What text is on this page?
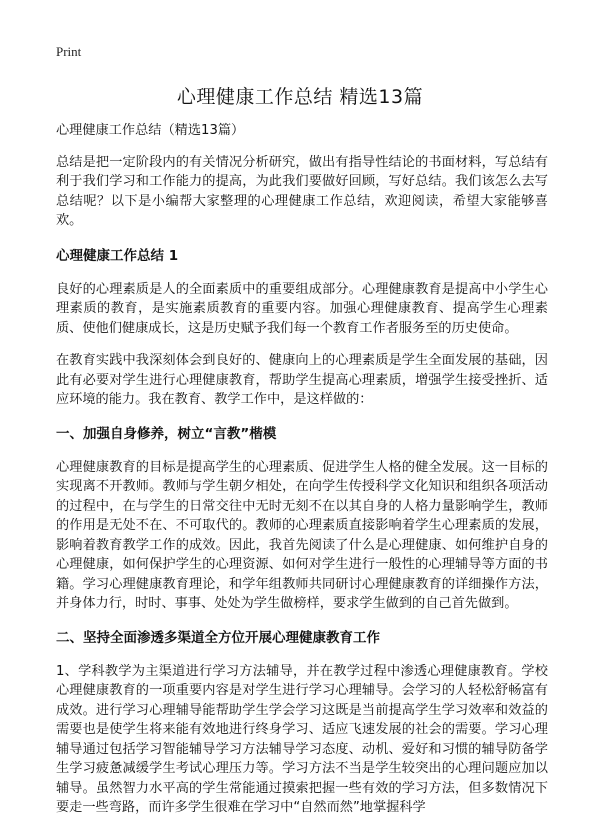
Print
心理健康工作总结 精选13篇

心理健康工作总结（精选13篇）

总结是把一定阶段内的有关情况分析研究，做出有指导性结论的书面材料，写总结有利于我们学习和工作能力的提高，为此我们要做好回顾，写好总结。我们该怎么去写总结呢？以下是小编帮大家整理的心理健康工作总结，欢迎阅读，希望大家能够喜欢。

心理健康工作总结 1

良好的心理素质是人的全面素质中的重要组成部分。心理健康教育是提高中小学生心理素质的教育，是实施素质教育的重要内容。加强心理健康教育、提高学生心理素质、使他们健康成长，这是历史赋予我们每一个教育工作者服务至的历史使命。

在教育实践中我深刻体会到良好的、健康向上的心理素质是学生全面发展的基础，因此有必要对学生进行心理健康教育，帮助学生提高心理素质，增强学生接受挫折、适应环境的能力。我在教育、教学工作中，是这样做的：

一、加强自身修养，树立“言教”楷模

心理健康教育的目标是提高学生的心理素质、促进学生人格的健全发展。这一目标的实现离不开教师。教师与学生朝夕相处，在向学生传授科学文化知识和组织各项活动的过程中，在与学生的日常交往中无时无刻不在以其自身的人格力量影响学生，教师的作用是无处不在、不可取代的。教师的心理素质直接影响着学生心理素质的发展，影响着教育教学工作的成效。因此，我首先阅读了什么是心理健康、如何维护自身的心理健康，如何保护学生的心理资源、如何对学生进行一般性的心理辅导等方面的书籍。学习心理健康教育理论，和学年组教师共同研讨心理健康教育的详细操作方法，并身体力行，时时、事事、处处为学生做榜样，要求学生做到的自己首先做到。

二、坚持全面渗透多渠道全方位开展心理健康教育工作

1、学科教学为主渠道进行学习方法辅导，并在教学过程中渗透心理健康教育。学校心理健康教育的一项重要内容是对学生进行学习心理辅导。会学习的人轻松舒畅富有成效。进行学习心理辅导能帮助学生学会学习这既是当前提高学生学习效率和效益的需要也是使学生将来能有效地进行终身学习、适应飞速发展的社会的需要。学习心理辅导通过包括学习智能辅导学习方法辅导学习态度、动机、爱好和习惯的辅导防备学生学习疲惫减缓学生考试心理压力等。学习方法不当是学生较突出的心理问题应加以辅导。虽然智力水平高的学生常能通过摸索把握一些有效的学习方法，但多数情况下要走一些弯路，而许多学生很难在学习中“自然而然”地掌握科学
